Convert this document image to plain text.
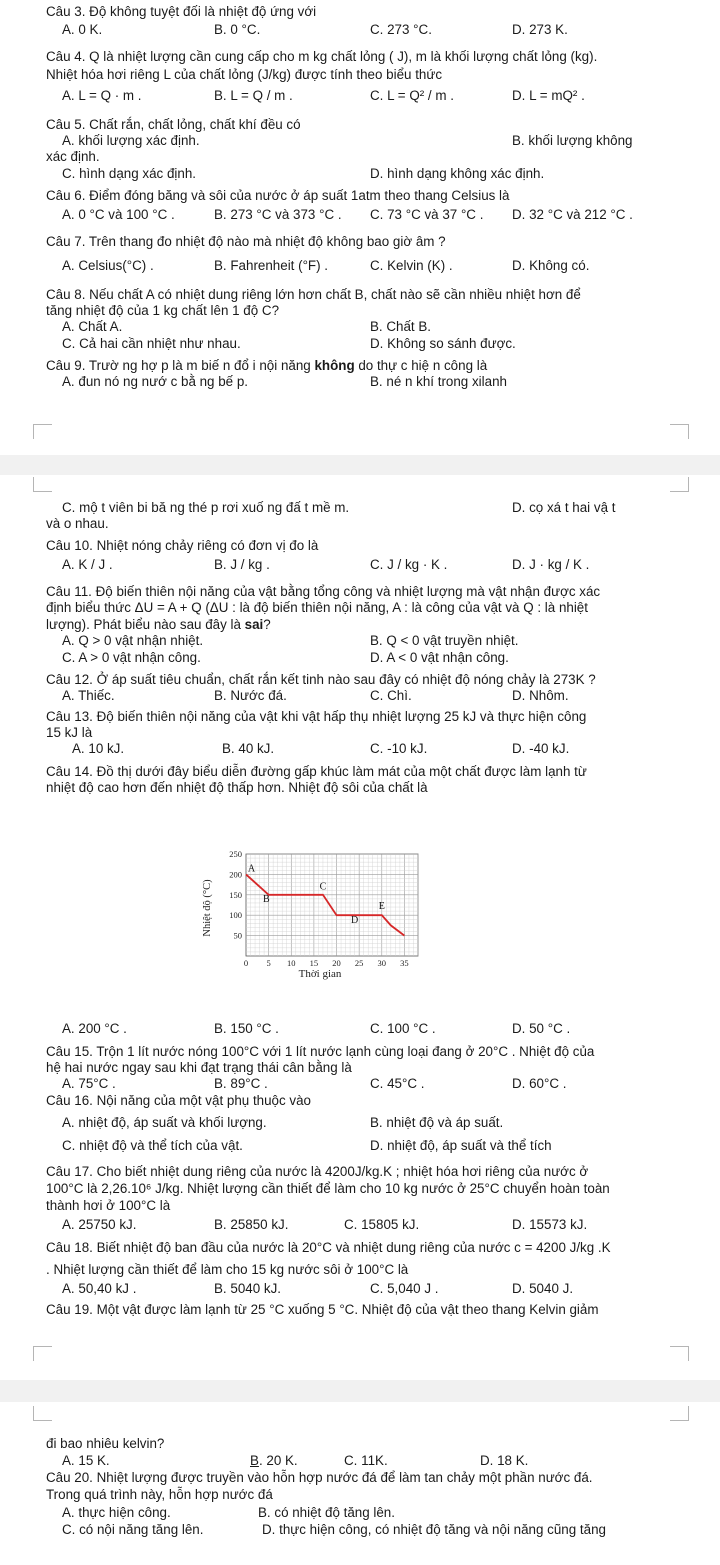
Câu 3. Độ không tuyệt đối là nhiệt độ ứng với
A. 0 K.	B. 0 °C.	C. 273 °C.	D. 273 K.
Câu 4. Q là nhiệt lượng cần cung cấp cho m kg chất lỏng ( J), m là khối lượng chất lỏng (kg).
Nhiệt hóa hơi riêng L của chất lỏng (J/kg) được tính theo biểu thức
A. L = Q · m .	B. L = Q / m .	C. L = Q² / m .	D. L = mQ² .
Câu 5. Chất rắn, chất lỏng, chất khí đều có
A. khối lượng xác định.	B. khối lượng không
xác định.
C. hình dạng xác định.	D. hình dạng không xác định.
Câu 6. Điểm đóng băng và sôi của nước ở áp suất 1atm theo thang Celsius là
A. 0 °C và 100 °C .	B. 273 °C và 373 °C . C. 73 °C và 37 °C . D. 32 °C và 212 °C .
Câu 7. Trên thang đo nhiệt độ nào mà nhiệt độ không bao giờ âm ?
A. Celsius(°C) .	B. Fahrenheit (°F) .	C. Kelvin (K) .	D. Không có.
Câu 8. Nếu chất A có nhiệt dung riêng lớn hơn chất B, chất nào sẽ cần nhiều nhiệt hơn để
tăng nhiệt độ của 1 kg chất lên 1 độ C?
A. Chất A.	B. Chất B.
C. Cả hai cần nhiệt như nhau.	D. Không so sánh được.
Câu 9. Trườ ng hợ p là m biế n đổ i nội năng không do thự c hiệ n công là
A. đun nó ng nướ c bằ ng bế p.	B. né n khí trong xilanh
C. mộ t viên bi bă ng thé p rơi xuố ng đấ t mề m.	D. cọ xá t hai vậ t
và o nhau.
Câu 10. Nhiệt nóng chảy riêng có đơn vị đo là
A. K / J .	B. J / kg .	C. J / kg · K .	D. J · kg / K .
Câu 11. Độ biến thiên nội năng của vật bằng tổng công và nhiệt lượng mà vật nhận được xác
định biểu thức ΔU = A + Q (ΔU : là độ biến thiên nội năng, A : là công của vật và Q : là nhiệt
lượng). Phát biểu nào sau đây là sai?
A. Q > 0 vật nhận nhiệt.	B. Q < 0 vật truyền nhiệt.
C. A > 0 vật nhận công.	D. A < 0 vật nhận công.
Câu 12. Ở áp suất tiêu chuẩn, chất rắn kết tinh nào sau đây có nhiệt độ nóng chảy là 273K ?
A. Thiếc.	B. Nước đá.	C. Chì.	D. Nhôm.
Câu 13. Độ biến thiên nội năng của vật khi vật hấp thụ nhiệt lượng 25 kJ và thực hiện công
15 kJ là
A. 10 kJ.	B. 40 kJ.	C. -10 kJ.	D. -40 kJ.
Câu 14. Đồ thị dưới đây biểu diễn đường gấp khúc làm mát của một chất được làm lạnh từ
nhiệt độ cao hơn đến nhiệt độ thấp hơn. Nhiệt độ sôi của chất là
50
100
150
200
250
0 5 10 15 20 25 30 35
A
B
C
D
E
Nhiệt độ (°C)
Thời gian
A. 200 °C .	B. 150 °C .	C. 100 °C .	D. 50 °C .
Câu 15. Trộn 1 lít nước nóng 100°C với 1 lít nước lạnh cùng loại đang ở 20°C . Nhiệt độ của
hệ hai nước ngay sau khi đạt trạng thái cân bằng là
A. 75°C .	B. 89°C .	C. 45°C .	D. 60°C .
Câu 16. Nội năng của một vật phụ thuộc vào
A. nhiệt độ, áp suất và khối lượng.	B. nhiệt độ và áp suất.
C. nhiệt độ và thể tích của vật.	D. nhiệt độ, áp suất và thể tích
Câu 17. Cho biết nhiệt dung riêng của nước là 4200J/kg.K ; nhiệt hóa hơi riêng của nước ở
100°C là 2,26.10⁶ J/kg. Nhiệt lượng cần thiết để làm cho 10 kg nước ở 25°C chuyển hoàn toàn
thành hơi ở 100°C là
A. 25750 kJ.	B. 25850 kJ.	C. 15805 kJ.	D. 15573 kJ.
Câu 18. Biết nhiệt độ ban đầu của nước là 20°C và nhiệt dung riêng của nước c = 4200 J/kg .K
. Nhiệt lượng cần thiết để làm cho 15 kg nước sôi ở 100°C là
A. 50,40 kJ .	B. 5040 kJ.	C. 5,040 J .	D. 5040 J.
Câu 19. Một vật được làm lạnh từ 25 °C xuống 5 °C. Nhiệt độ của vật theo thang Kelvin giảm
đi bao nhiêu kelvin?
A. 15 K.	B. 20 K.	C. 11K.	D. 18 K.
Câu 20. Nhiệt lượng được truyền vào hỗn hợp nước đá để làm tan chảy một phần nước đá.
Trong quá trình này, hỗn hợp nước đá
A. thực hiện công.	B. có nhiệt độ tăng lên.
C. có nội năng tăng lên.	D. thực hiện công, có nhiệt độ tăng và nội năng cũng tăng
